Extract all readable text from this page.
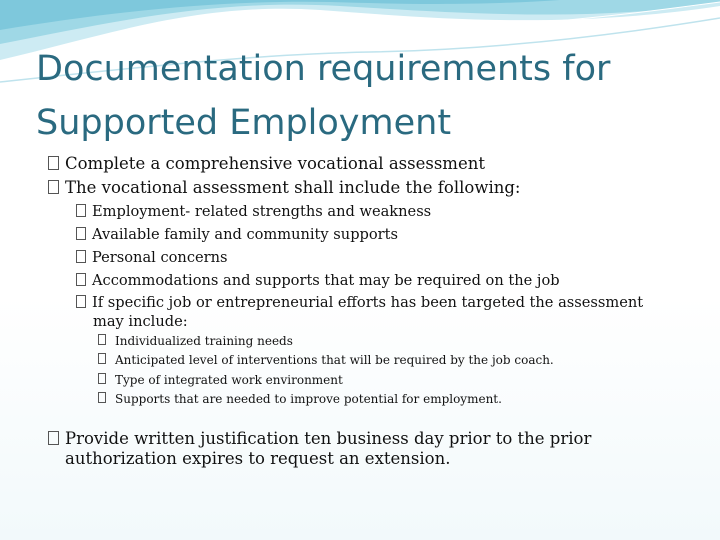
Documentation requirements for Supported Employment
Complete a comprehensive vocational assessment
The vocational assessment shall include the following:
Employment- related strengths and weakness
Available family and community supports
Personal concerns
Accommodations and supports that may be required on the job
If specific job or entrepreneurial efforts has been targeted the assessment may include:
Individualized training needs
Anticipated level of interventions that will be required by the job coach.
Type of integrated work environment
Supports that are needed to improve potential for employment.
Provide written justification ten business day prior to the prior authorization expires to request an extension.
